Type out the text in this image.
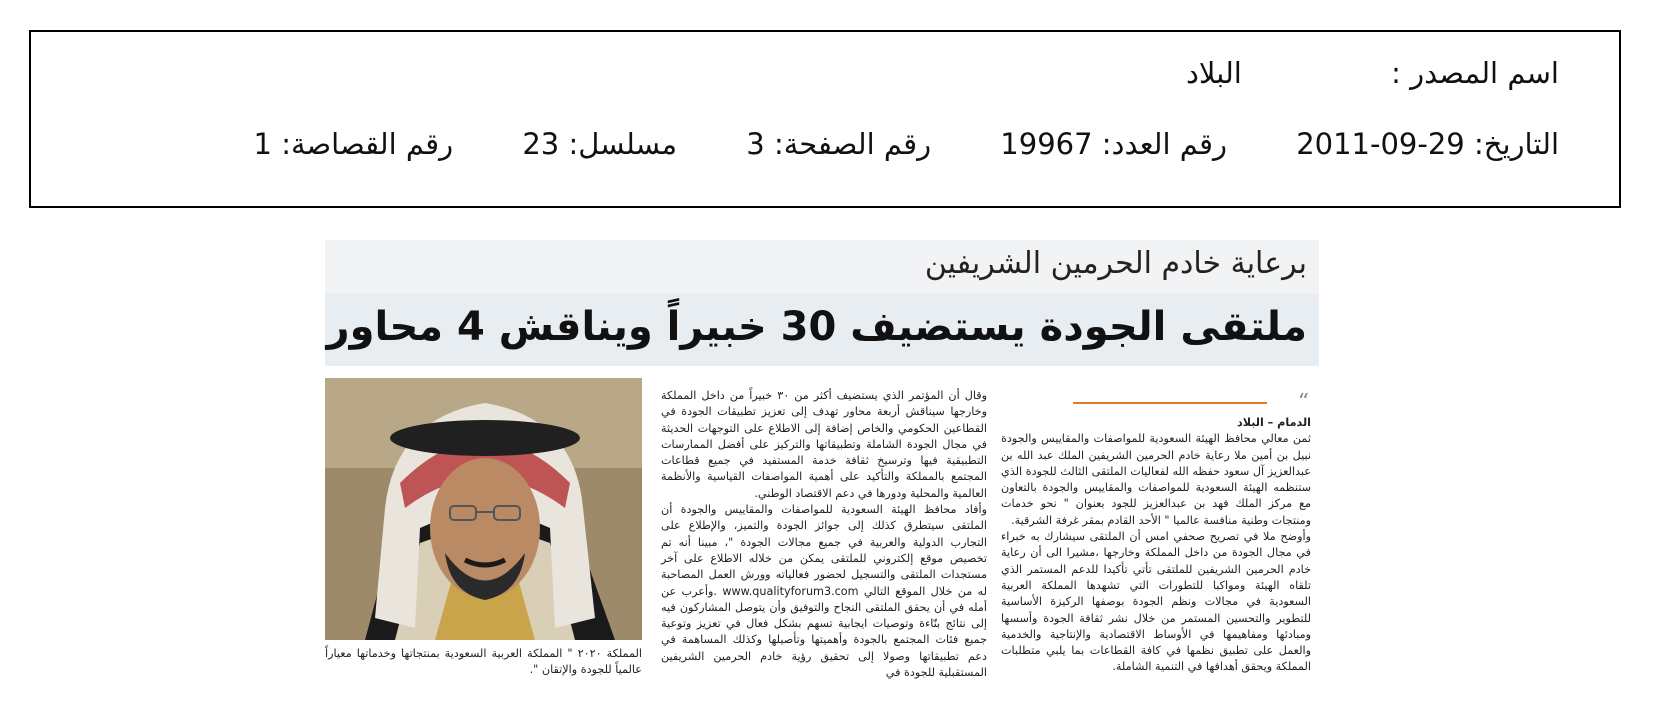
اسم المصدر : البلاد
التاريخ: 2011-09-29 رقم العدد: 19967 رقم الصفحة: 3 مسلسل: 23 رقم القصاصة: 1
برعاية خادم الحرمين الشريفين
ملتقى الجودة يستضيف 30 خبيراً ويناقش 4 محاور
“
الدمام – البلاد

ثمن معالي محافظ الهيئة السعودية للمواصفات والمقاييس والجودة نبيل بن أمين ملا رعاية خادم الحرمين الشريفين الملك عبد الله بن عبدالعزيز آل سعود حفظه الله لفعاليات الملتقى الثالث للجودة الذي ستنظمه الهيئة السعودية للمواصفات والمقاييس والجودة بالتعاون مع مركز الملك فهد بن عبدالعزيز للجود بعنوان " نحو خدمات ومنتجات وطنية منافسة عالميا " الأحد القادم بمقر غرفة الشرقية.

وأوضح ملا في تصريح صحفي امس أن الملتقى سيشارك به خبراء في مجال الجودة من داخل المملكة وخارجها ،مشيرا الى أن رعاية خادم الحرمين الشريفين للملتقى تأتي تأكيدا للدعم المستمر الذي تلقاه الهيئة ومواكبا للتطورات التي تشهدها المملكة العربية السعودية في مجالات ونظم الجودة بوصفها الركيزة الأساسية للتطوير والتحسين المستمر من خلال نشر ثقافة الجودة وأسسها ومبادئها ومفاهيمها في الأوساط الاقتصادية والإنتاجية والخدمية والعمل على تطبيق نظمها في كافة القطاعات بما يلبي متطلبات المملكة ويحقق أهدافها في التنمية الشاملة.

وقال أن المؤتمر الذي يستضيف أكثر من ٣٠ خبيراً من داخل المملكة وخارجها سيناقش أربعة محاور تهدف إلى تعزيز تطبيقات الجودة في القطاعين الحكومي والخاص إضافة إلى الاطلاع على التوجهات الحديثة في مجال الجودة الشاملة وتطبيقاتها والتركيز على أفضل الممارسات التطبيقية فيها وترسيخ ثقافة خدمة المستفيد في جميع قطاعات المجتمع بالمملكة والتأكيد على أهمية المواصفات القياسية والأنظمة العالمية والمحلية ودورها في دعم الاقتصاد الوطني.

وأفاد محافظ الهيئة السعودية للمواصفات والمقاييس والجودة أن الملتقى سيتطرق كذلك إلى جوائز الجودة والتميز، والإطلاع على التجارب الدولية والعربية في جميع مجالات الجودة "، مبينا أنه تم تخصيص موقع إلكتروني للملتقى يمكن من خلاله الاطلاع على آخر مستجدات الملتقى والتسجيل لحضور فعالياته وورش العمل المصاحبة له من خلال الموقع التالي www.qualityforum3.com .وأعرب عن أمله في أن يحقق الملتقى النجاح والتوفيق وأن يتوصل المشاركون فيه إلى نتائج بنّاءة وتوصيات ايجابية تسهم بشكل فعال في تعزيز وتوعية جميع فئات المجتمع بالجودة وأهميتها وتأصيلها وكذلك المساهمة في دعم تطبيقاتها وصولا إلى تحقيق رؤية خادم الحرمين الشريفين المستقبلية للجودة في

المملكة ٢٠٢٠ " المملكة العربية السعودية بمنتجاتها وخدماتها معياراً عالمياً للجودة والإتقان ".
